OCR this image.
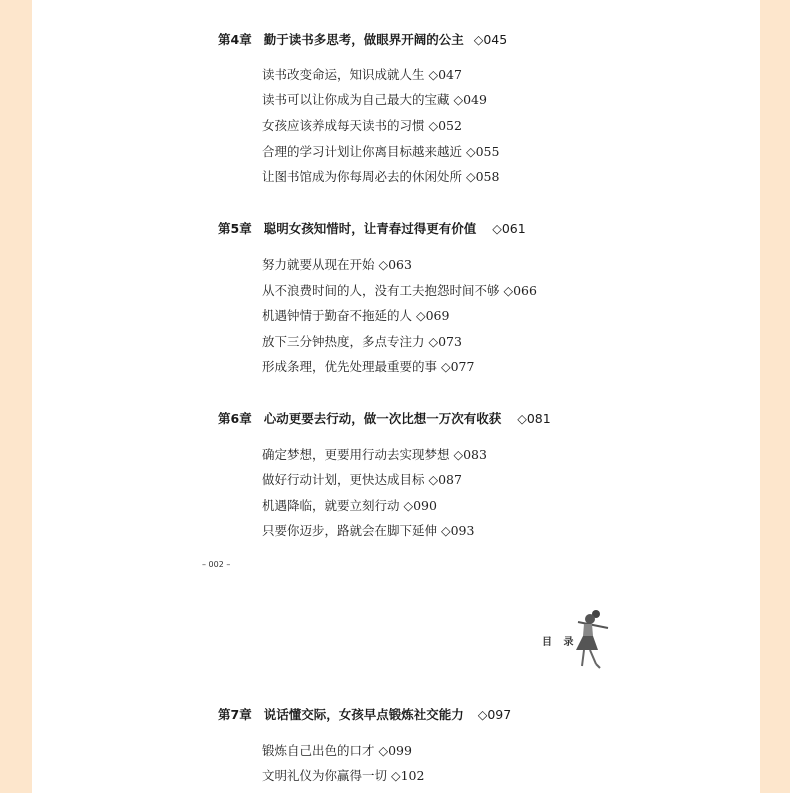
第4章 勤于读书多思考，做眼界开阔的公主 ◇045
读书改变命运，知识成就人生 ◇047
读书可以让你成为自己最大的宝藏 ◇049
女孩应该养成每天读书的习惯 ◇052
合理的学习计划让你离目标越来越近 ◇055
让图书馆成为你每周必去的休闲处所 ◇058
第5章 聪明女孩知惜时，让青春过得更有价值 ◇061
努力就要从现在开始 ◇063
从不浪费时间的人，没有工夫抱怨时间不够 ◇066
机遇钟情于勤奋不拖延的人 ◇069
放下三分钟热度，多点专注力 ◇073
形成条理，优先处理最重要的事 ◇077
第6章 心动更要去行动，做一次比想一万次有收获 ◇081
确定梦想，更要用行动去实现梦想 ◇083
做好行动计划，更快达成目标 ◇087
机遇降临，就要立刻行动 ◇090
只要你迈步，路就会在脚下延伸 ◇093
– 002 –
目 录
第7章 说话懂交际，女孩早点锻炼社交能力 ◇097
锻炼自己出色的口才 ◇099
文明礼仪为你赢得一切 ◇102
